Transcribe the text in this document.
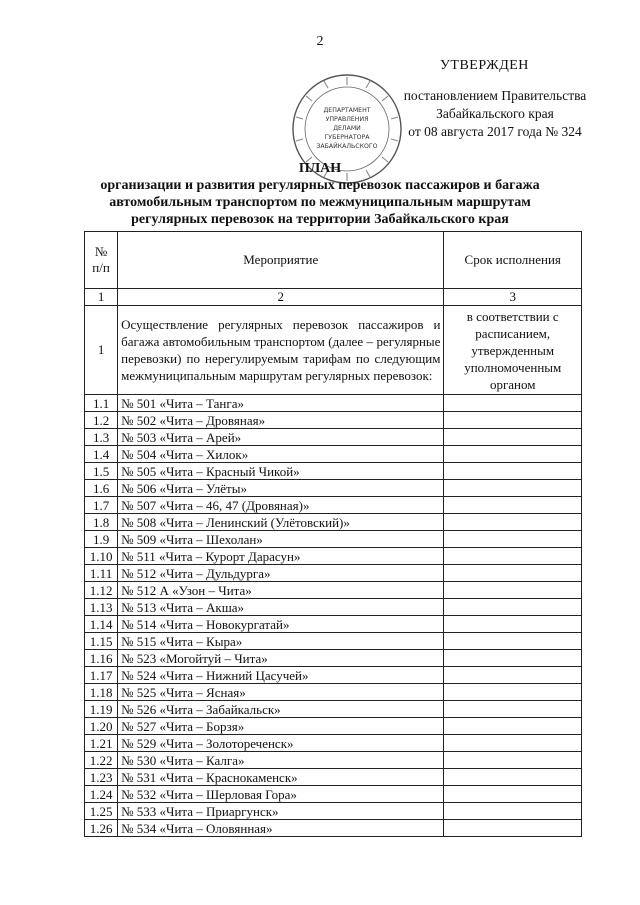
2
УТВЕРЖДЕН
постановлением Правительства
Забайкальского края
от 08 августа 2017 года № 324
ДЕПАРТАМЕНТ
УПРАВЛЕНИЯ
ДЕЛАМИ
ГУБЕРНАТОРА
ЗАБАЙКАЛЬСКОГО
ПЛАН
организации и развития регулярных перевозок пассажиров и багажа
автомобильным транспортом по межмуниципальным маршрутам
регулярных перевозок на территории Забайкальского края
№
п/п	Мероприятие	Срок исполнения
1	2	3
1	Осуществление регулярных перевозок пассажиров и багажа автомобильным транспортом (далее – регулярные перевозки) по нерегулируемым тарифам по следующим межмуниципальным маршрутам регулярных перевозок:	в соответствии с расписанием, утвержденным уполномоченным органом
1.1	№ 501 «Чита – Танга»	
1.2	№ 502 «Чита – Дровяная»	
1.3	№ 503 «Чита – Арей»	
1.4	№ 504 «Чита – Хилок»	
1.5	№ 505 «Чита – Красный Чикой»	
1.6	№ 506 «Чита – Улёты»	
1.7	№ 507 «Чита – 46, 47 (Дровяная)»	
1.8	№ 508 «Чита – Ленинский (Улётовский)»	
1.9	№ 509 «Чита – Шехолан»	
1.10	№ 511 «Чита – Курорт Дарасун»	
1.11	№ 512 «Чита – Дульдурга»	
1.12	№ 512 А «Узон – Чита»	
1.13	№ 513 «Чита – Акша»	
1.14	№ 514 «Чита – Новокургатай»	
1.15	№ 515 «Чита – Кыра»	
1.16	№ 523 «Могойтуй – Чита»	
1.17	№ 524 «Чита – Нижний Цасучей»	
1.18	№ 525 «Чита – Ясная»	
1.19	№ 526 «Чита – Забайкальск»	
1.20	№ 527 «Чита – Борзя»	
1.21	№ 529 «Чита – Золотореченск»	
1.22	№ 530 «Чита – Калга»	
1.23	№ 531 «Чита – Краснокаменск»	
1.24	№ 532 «Чита – Шерловая Гора»	
1.25	№ 533 «Чита – Приаргунск»	
1.26	№ 534 «Чита – Оловянная»	
